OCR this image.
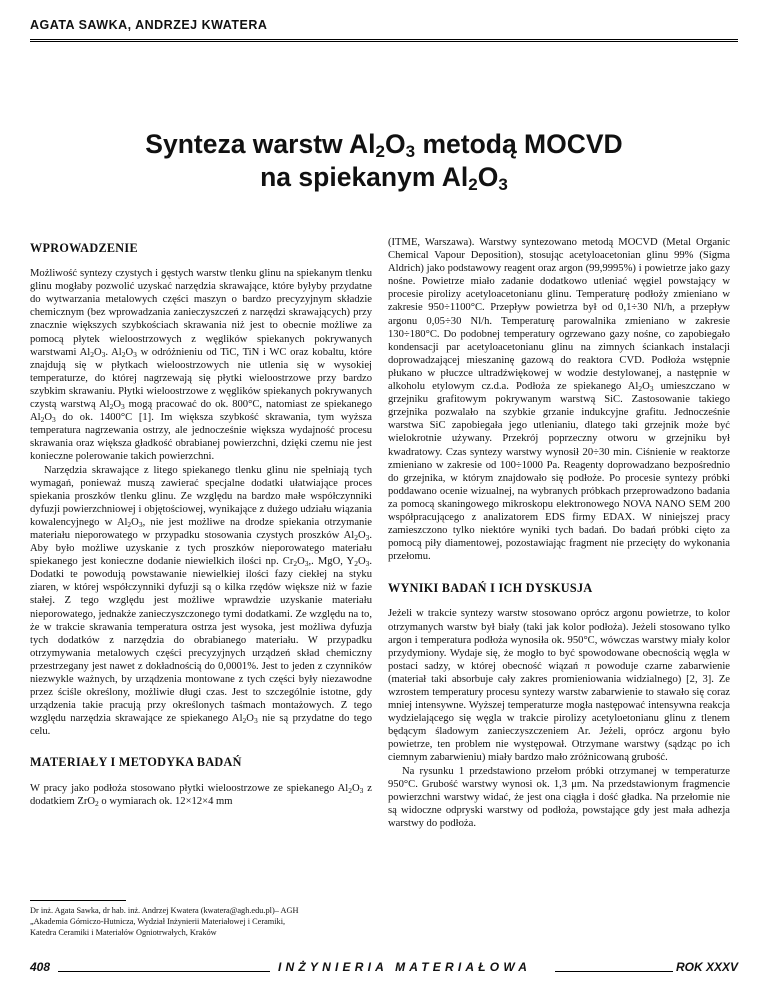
AGATA SAWKA, ANDRZEJ KWATERA
Synteza warstw $Al_2O_3$ metodą MOCVD
na spiekanym $Al_2O_3$
WPROWADZENIE

Możliwość syntezy czystych i gęstych warstw tlenku glinu na spiekanym tlenku glinu mogłaby pozwolić uzyskać narzędzia skrawające, które byłyby przydatne do wytwarzania metalowych części maszyn o bardzo precyzyjnym składzie chemicznym (bez wprowadzania zanieczyszczeń z narzędzi skrawających) przy znacznie większych szybkościach skrawania niż jest to obecnie możliwe za pomocą płytek wieloostrzowych z węglików spiekanych pokrywanych warstwami $Al_2O_3$. $Al_2O_3$ w odróżnieniu od TiC, TiN i WC oraz kobaltu, które znajdują się w płytkach wieloostrzowych nie utlenia się w wysokiej temperaturze, do której nagrzewają się płytki wieloostrzowe przy bardzo szybkim skrawaniu. Płytki wieloostrzowe z węglików spiekanych pokrywanych czystą warstwą $Al_2O_3$ mogą pracować do ok. 800°C, natomiast ze spiekanego $Al_2O_3$ do ok. 1400°C [1]. Im większa szybkość skrawania, tym wyższa temperatura nagrzewania ostrzy, ale jednocześnie większa wydajność procesu skrawania oraz większa gładkość obrabianej powierzchni, dzięki czemu nie jest konieczne polerowanie takich powierzchni.

Narzędzia skrawające z litego spiekanego tlenku glinu nie spełniają tych wymagań, ponieważ muszą zawierać specjalne dodatki ułatwiające proces spiekania proszków tlenku glinu. Ze względu na bardzo małe współczynniki dyfuzji powierzchniowej i objętościowej, wynikające z dużego udziału wiązania kowalencyjnego w $Al_2O_3$, nie jest możliwe na drodze spiekania otrzymanie materiału nieporowatego w przypadku stosowania czystych proszków $Al_2O_3$. Aby było możliwe uzyskanie z tych proszków nieporowatego materiału spiekanego jest konieczne dodanie niewielkich ilości np. $Cr_2O_3$,. MgO, $Y_2O_3$. Dodatki te powodują powstawanie niewielkiej ilości fazy ciekłej na styku ziaren, w której współczynniki dyfuzji są o kilka rzędów większe niż w fazie stałej. Z tego względu jest możliwe wprawdzie uzyskanie materiału nieporowatego, jednakże zanieczyszczonego tymi dodatkami. Ze względu na to, że w trakcie skrawania temperatura ostrza jest wysoka, jest możliwa dyfuzja tych dodatków z narzędzia do obrabianego materiału. W przypadku otrzymywania metalowych części precyzyjnych urządzeń skład chemiczny przestrzegany jest nawet z dokładnością do 0,0001%. Jest to jeden z czynników niezwykle ważnych, by urządzenia montowane z tych części były niezawodne przez ściśle określony, możliwie długi czas. Jest to szczególnie istotne, gdy urządzenia takie pracują przy określonych taśmach montażowych. Z tego względu narzędzia skrawające ze spiekanego $Al_2O_3$ nie są przydatne do tego celu.

MATERIAŁY I METODYKA BADAŃ

W pracy jako podłoża stosowano płytki wieloostrzowe ze spiekanego $Al_2O_3$ z dodatkiem ZrO$_2$ o wymiarach ok. 12×12×4 mm

(ITME, Warszawa). Warstwy syntezowano metodą MOCVD (Metal Organic Chemical Vapour Deposition), stosując acetyloacetonian glinu 99% (Sigma Aldrich) jako podstawowy reagent oraz argon (99,9995%) i powietrze jako gazy nośne. Powietrze miało zadanie dodatkowo utleniać węgiel powstający w procesie pirolizy acetyloacetonianu glinu. Temperaturę podłoży zmieniano w zakresie 950÷1100°C. Przepływ powietrza był od 0,1÷30 Nl/h, a przepływ argonu 0,05÷30 Nl/h. Temperaturę parowalnika zmieniano w zakresie 130÷180°C. Do podobnej temperatury ogrzewano gazy nośne, co zapobiegało kondensacji par acetyloacetonianu glinu na zimnych ściankach instalacji doprowadzającej mieszaninę gazową do reaktora CVD. Podłoża wstępnie płukano w płuczce ultradźwiękowej w wodzie destylowanej, a następnie w alkoholu etylowym cz.d.a. Podłoża ze spiekanego $Al_2O_3$ umieszczano w grzejniku grafitowym pokrywanym warstwą SiC. Zastosowanie takiego grzejnika pozwalało na szybkie grzanie indukcyjne grafitu. Jednocześnie warstwa SiC zapobiegała jego utlenianiu, dlatego taki grzejnik może być wielokrotnie używany. Przekrój poprzeczny otworu w grzejniku był kwadratowy. Czas syntezy warstwy wynosił 20÷30 min. Ciśnienie w reaktorze zmieniano w zakresie od 100÷1000 Pa. Reagenty doprowadzano bezpośrednio do grzejnika, w którym znajdowało się podłoże. Po procesie syntezy próbki poddawano ocenie wizualnej, na wybranych próbkach przeprowadzono badania za pomocą skaningowego mikroskopu elektronowego NOVA NANO SEM 200 współpracującego z analizatorem EDS firmy EDAX. W niniejszej pracy zamieszczono tylko niektóre wyniki tych badań. Do badań próbki cięto za pomocą piły diamentowej, pozostawiając fragment nie przecięty do wykonania przełomu.

WYNIKI BADAŃ I ICH DYSKUSJA

Jeżeli w trakcie syntezy warstw stosowano oprócz argonu powietrze, to kolor otrzymanych warstw był biały (taki jak kolor podłoża). Jeżeli stosowano tylko argon i temperatura podłoża wynosiła ok. 950°C, wówczas warstwy miały kolor przydymiony. Wydaje się, że mogło to być spowodowane obecnością węgla w postaci sadzy, w której obecność wiązań π powoduje czarne zabarwienie (materiał taki absorbuje cały zakres promieniowania widzialnego) [2, 3]. Ze wzrostem temperatury procesu syntezy warstw zabarwienie to stawało się coraz mniej intensywne. Wyższej temperaturze mogła następować intensywna reakcja wydzielającego się węgla w trakcie pirolizy acetyloetonianu glinu z tlenem będącym śladowym zanieczyszczeniem Ar. Jeżeli, oprócz argonu było powietrze, ten problem nie występował. Otrzymane warstwy (sądząc po ich ciemnym zabarwieniu) miały bardzo mało zróżnicowaną grubość.

Na rysunku 1 przedstawiono przełom próbki otrzymanej w temperaturze 950°C. Grubość warstwy wynosi ok. 1,3 μm. Na przedstawionym fragmencie powierzchni warstwy widać, że jest ona ciągła i dość gładka. Na przełomie nie są widoczne odpryski warstwy od podłoża, powstające gdy jest mała adhezja warstwy do podłoża.

Dr inż. Agata Sawka, dr hab. inż. Andrzej Kwatera (kwatera@agh.edu.pl)– AGH
„Akademia Górniczo-Hutnicza, Wydział Inżynierii Materiałowej i Ceramiki,
Katedra Ceramiki i Materiałów Ogniotrwałych, Kraków
408	INŻYNIERIA MATERIAŁOWA	ROK XXXV
